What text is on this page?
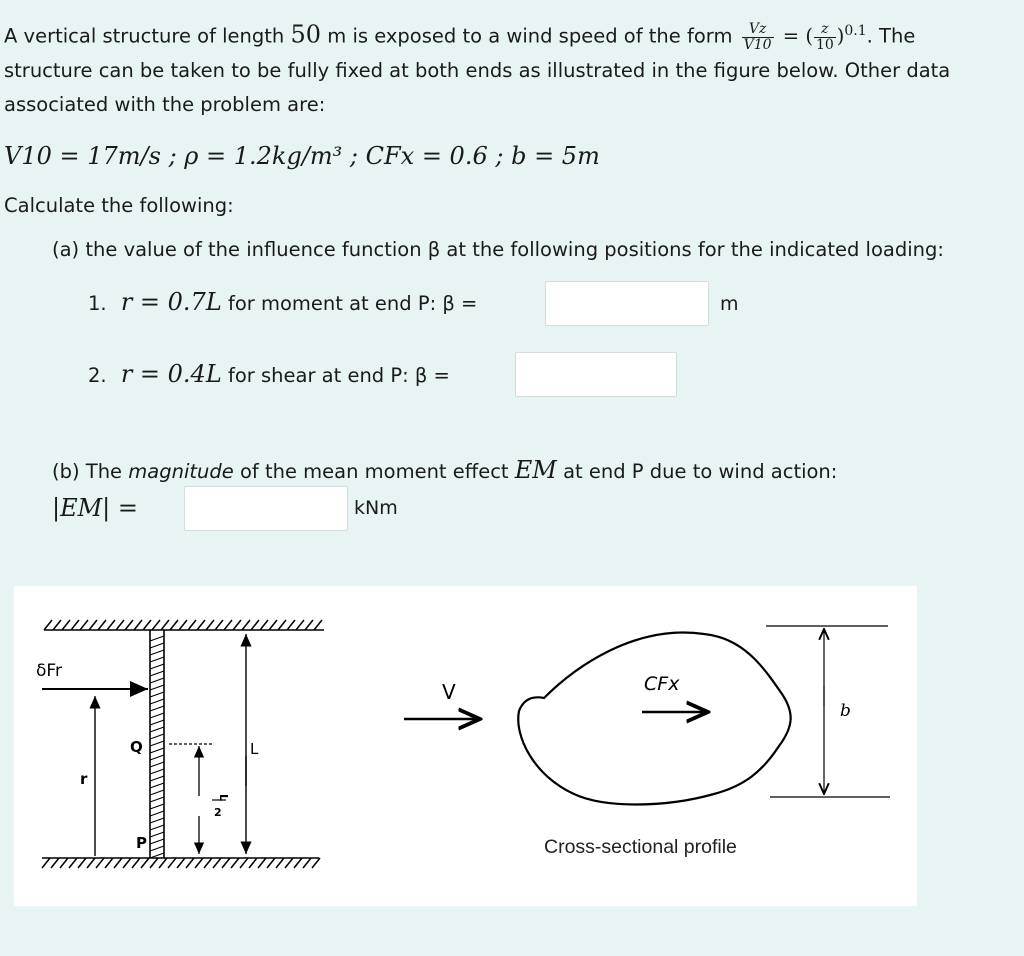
A vertical structure of length 50 m is exposed to a wind speed of the form $\frac{Vz}{V10}$ = ( $\frac{z}{10} )^{0.1}$. The
structure can be taken to be fully fixed at both ends as illustrated in the figure below. Other data
associated with the problem are:
V10 = 17m/s ; ρ = 1.2kg/m³ ; CFx = 0.6 ; b = 5m
Calculate the following:
(a) the value of the influence function β at the following positions for the indicated loading:
1. r = 0.7L for moment at end P: β =	m
2. r = 0.4L for shear at end P: β =
(b) The magnitude of the mean moment effect EM at end P due to wind action:
|EM| =	kNm
δFr
r
L
L
2
Q
P
V	CFx
b
Cross-sectional profile
